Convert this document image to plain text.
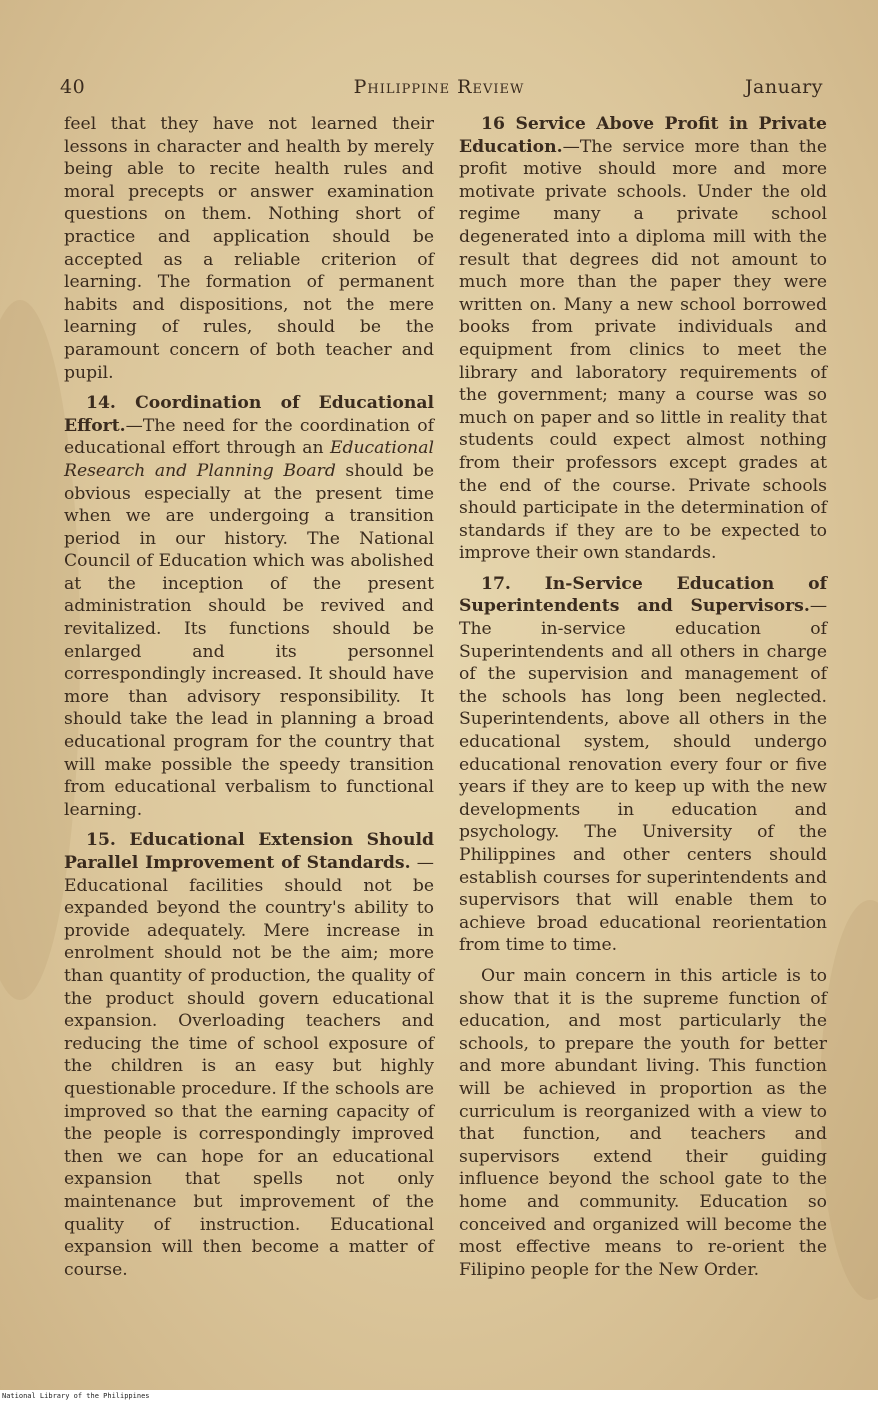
40	Philippine Review	January

feel that they have not learned their lessons in character and health by merely being able to recite health rules and moral precepts or answer examination questions on them. Nothing short of practice and application should be accepted as a reliable criterion of learning. The formation of permanent habits and dispositions, not the mere learning of rules, should be the paramount concern of both teacher and pupil.

14. Coordination of Educational Effort.—The need for the coordination of educational effort through an Educational Research and Planning Board should be obvious especially at the present time when we are undergoing a transition period in our history. The National Council of Education which was abolished at the inception of the present administration should be revived and revitalized. Its functions should be enlarged and its personnel correspondingly increased. It should have more than advisory responsibility. It should take the lead in planning a broad educational program for the country that will make possible the speedy transition from educational verbalism to functional learning.

15. Educational Extension Should Parallel Improvement of Standards. —Educational facilities should not be expanded beyond the country's ability to provide adequately. Mere increase in enrolment should not be the aim; more than quantity of production, the quality of the product should govern educational expansion. Overloading teachers and reducing the time of school exposure of the children is an easy but highly questionable procedure. If the schools are improved so that the earning capacity of the people is correspondingly improved then we can hope for an educational expansion that spells not only maintenance but improvement of the quality of instruction. Educational expansion will then become a matter of course.

16 Service Above Profit in Private Education.—The service more than the profit motive should more and more motivate private schools. Under the old regime many a private school degenerated into a diploma mill with the result that degrees did not amount to much more than the paper they were written on. Many a new school borrowed books from private individuals and equipment from clinics to meet the library and laboratory requirements of the government; many a course was so much on paper and so little in reality that students could expect almost nothing from their professors except grades at the end of the course. Private schools should participate in the determination of standards if they are to be expected to improve their own standards.

17. In-Service Education of Superintendents and Supervisors.— The in-service education of Superintendents and all others in charge of the supervision and management of the schools has long been neglected. Superintendents, above all others in the educational system, should undergo educational renovation every four or five years if they are to keep up with the new developments in education and psychology. The University of the Philippines and other centers should establish courses for superintendents and supervisors that will enable them to achieve broad educational reorientation from time to time.

Our main concern in this article is to show that it is the supreme function of education, and most particularly the schools, to prepare the youth for better and more abundant living. This function will be achieved in proportion as the curriculum is reorganized with a view to that function, and teachers and supervisors extend their guiding influence beyond the school gate to the home and community. Education so conceived and organized will become the most effective means to re-orient the Filipino people for the New Order.

National Library of the Philippines
